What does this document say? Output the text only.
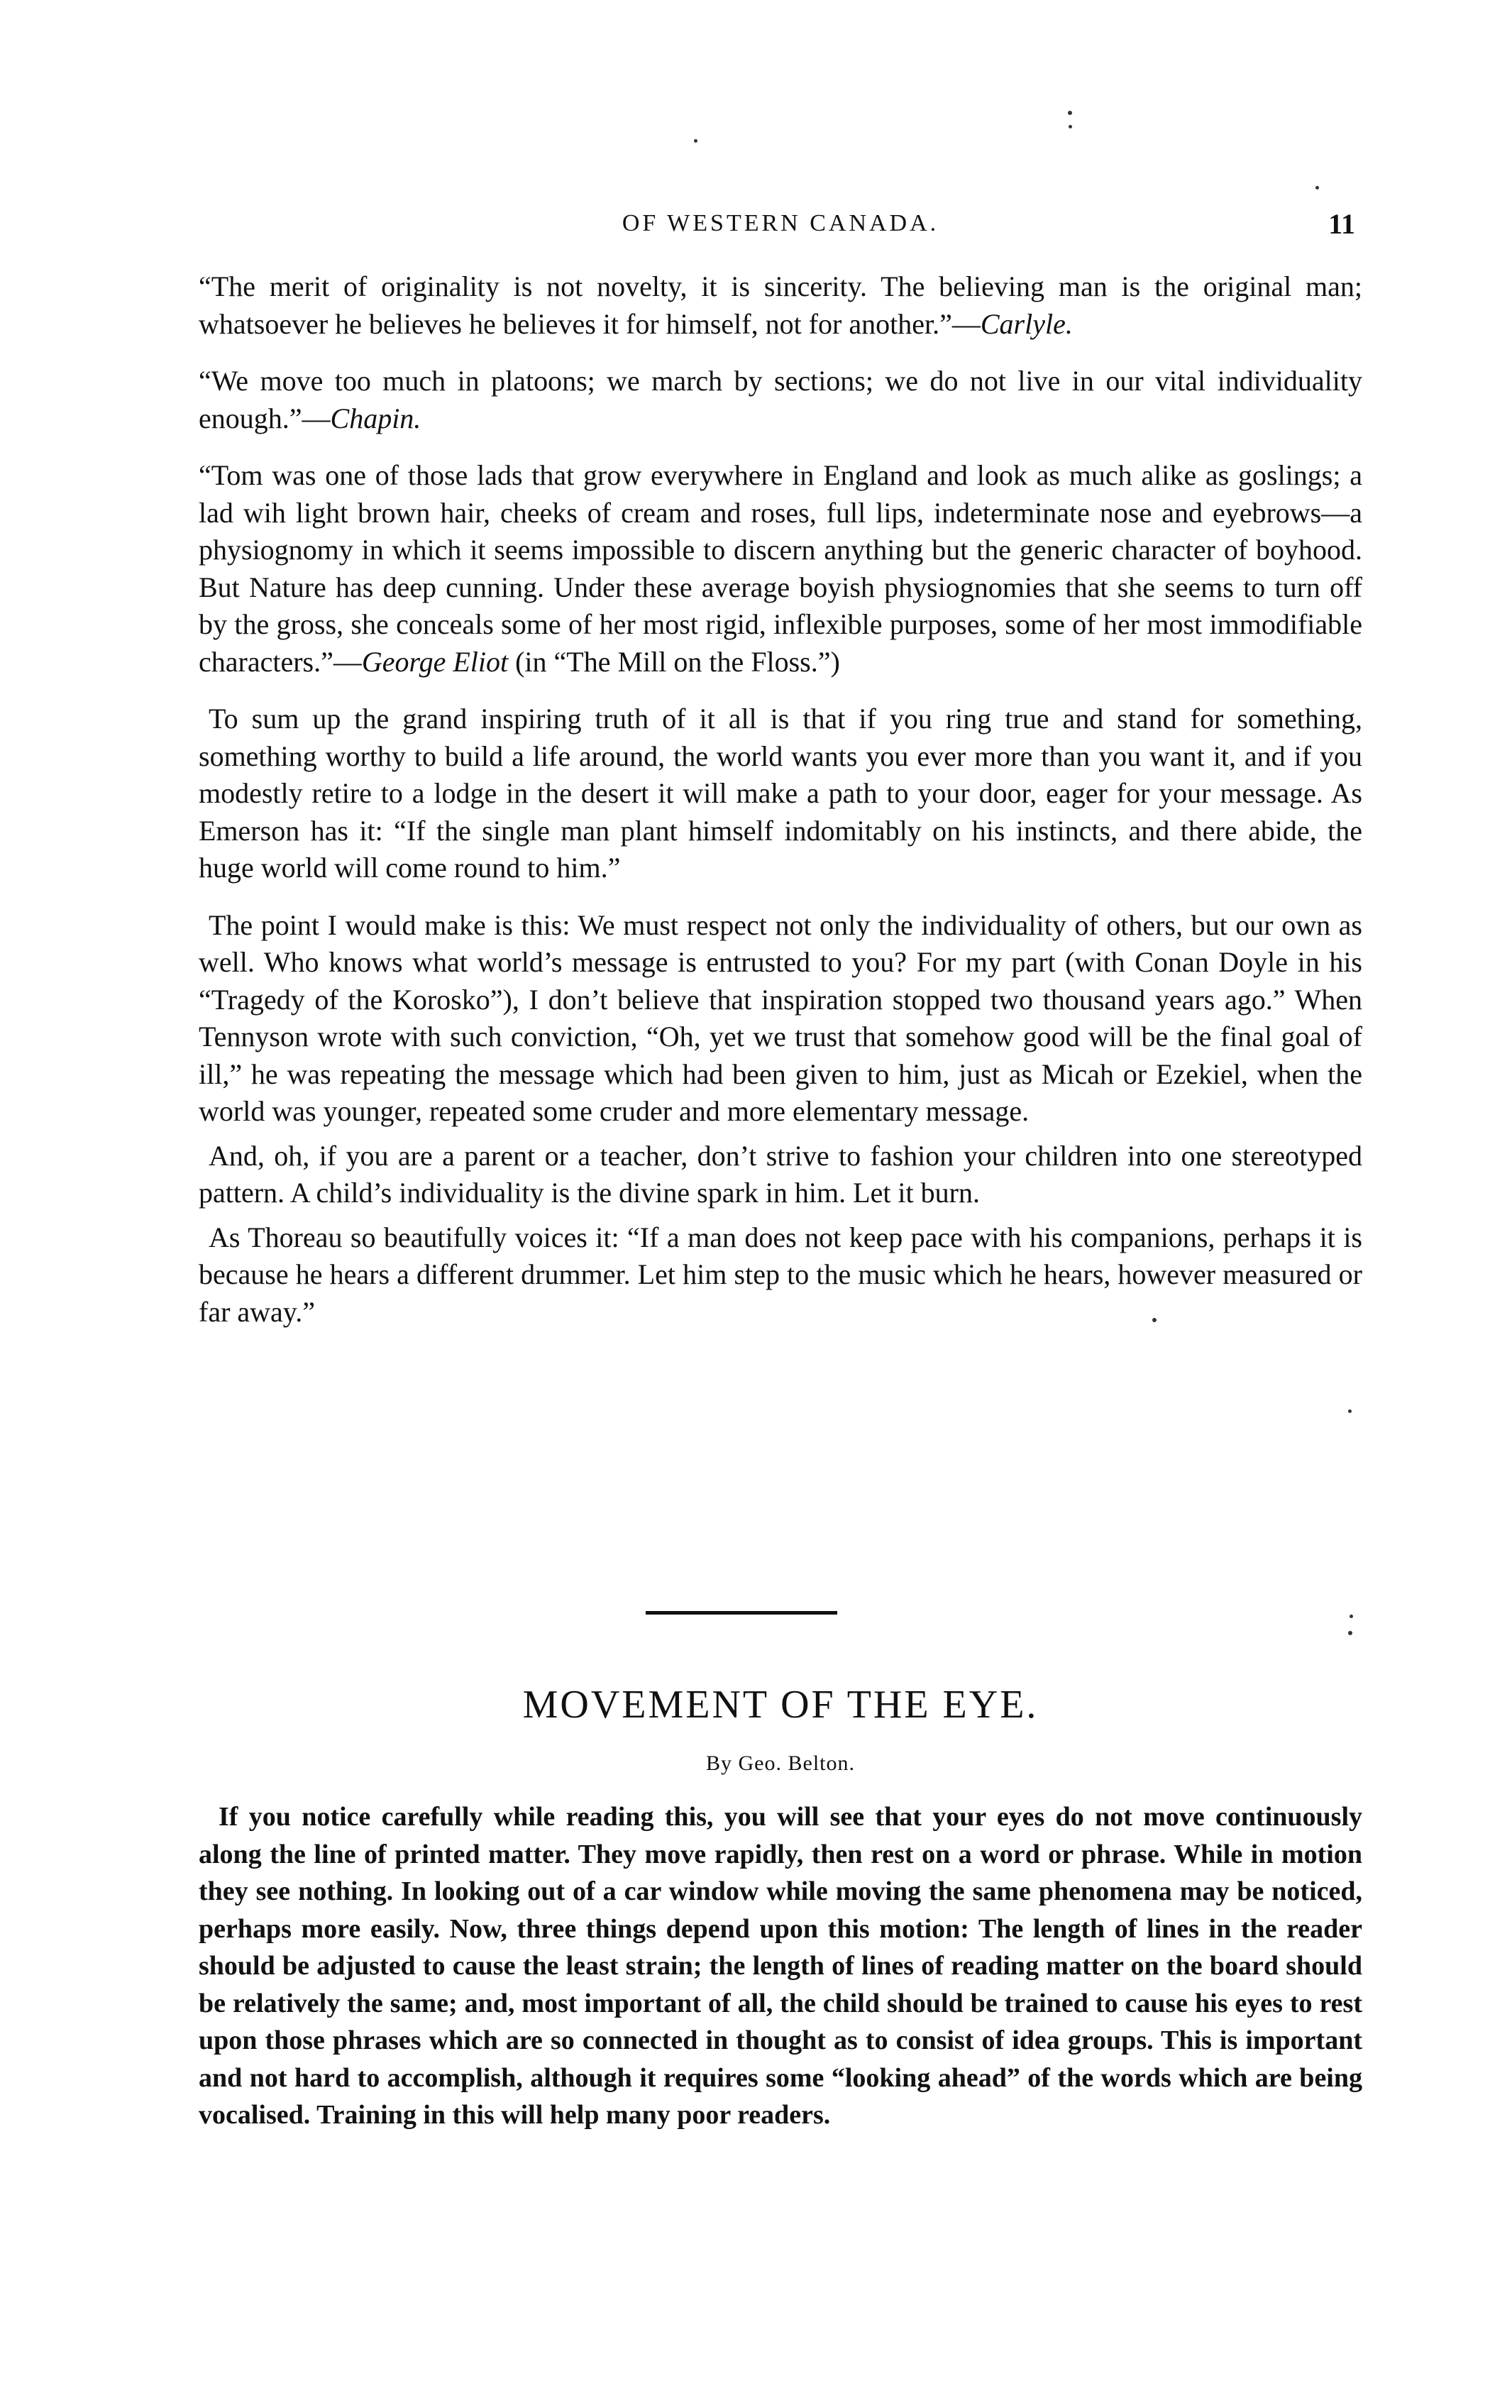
OF WESTERN CANADA.	11

“The merit of originality is not novelty, it is sincerity. The believing man is the original man; whatsoever he believes he believes it for himself, not for another.”—Carlyle.

“We move too much in platoons; we march by sections; we do not live in our vital individuality enough.”—Chapin.

“Tom was one of those lads that grow everywhere in England and look as much alike as goslings; a lad wih light brown hair, cheeks of cream and roses, full lips, indeterminate nose and eyebrows—a physiognomy in which it seems impossible to discern anything but the generic character of boyhood. But Nature has deep cunning. Under these average boyish physiognomies that she seems to turn off by the gross, she conceals some of her most rigid, inflexible purposes, some of her most immodifiable characters.”—George Eliot (in “The Mill on the Floss.”)

To sum up the grand inspiring truth of it all is that if you ring true and stand for something, something worthy to build a life around, the world wants you ever more than you want it, and if you modestly retire to a lodge in the desert it will make a path to your door, eager for your message. As Emerson has it: “If the single man plant himself indomitably on his instincts, and there abide, the huge world will come round to him.”

The point I would make is this: We must respect not only the individuality of others, but our own as well. Who knows what world’s message is entrusted to you? For my part (with Conan Doyle in his “Tragedy of the Korosko”), I don’t believe that inspiration stopped two thousand years ago.” When Tennyson wrote with such conviction, “Oh, yet we trust that somehow good will be the final goal of ill,” he was repeating the message which had been given to him, just as Micah or Ezekiel, when the world was younger, repeated some cruder and more elementary message.

And, oh, if you are a parent or a teacher, don’t strive to fashion your children into one stereotyped pattern. A child’s individuality is the divine spark in him. Let it burn.

As Thoreau so beautifully voices it: “If a man does not keep pace with his companions, perhaps it is because he hears a different drummer. Let him step to the music which he hears, however measured or far away.”

MOVEMENT OF THE EYE.
By Geo. Belton.

If you notice carefully while reading this, you will see that your eyes do not move continuously along the line of printed matter. They move rapidly, then rest on a word or phrase. While in motion they see nothing. In looking out of a car window while moving the same phenomena may be noticed, perhaps more easily. Now, three things depend upon this motion: The length of lines in the reader should be adjusted to cause the least strain; the length of lines of reading matter on the board should be relatively the same; and, most important of all, the child should be trained to cause his eyes to rest upon those phrases which are so connected in thought as to consist of idea groups. This is important and not hard to accomplish, although it requires some “looking ahead” of the words which are being vocalised. Training in this will help many poor readers.
